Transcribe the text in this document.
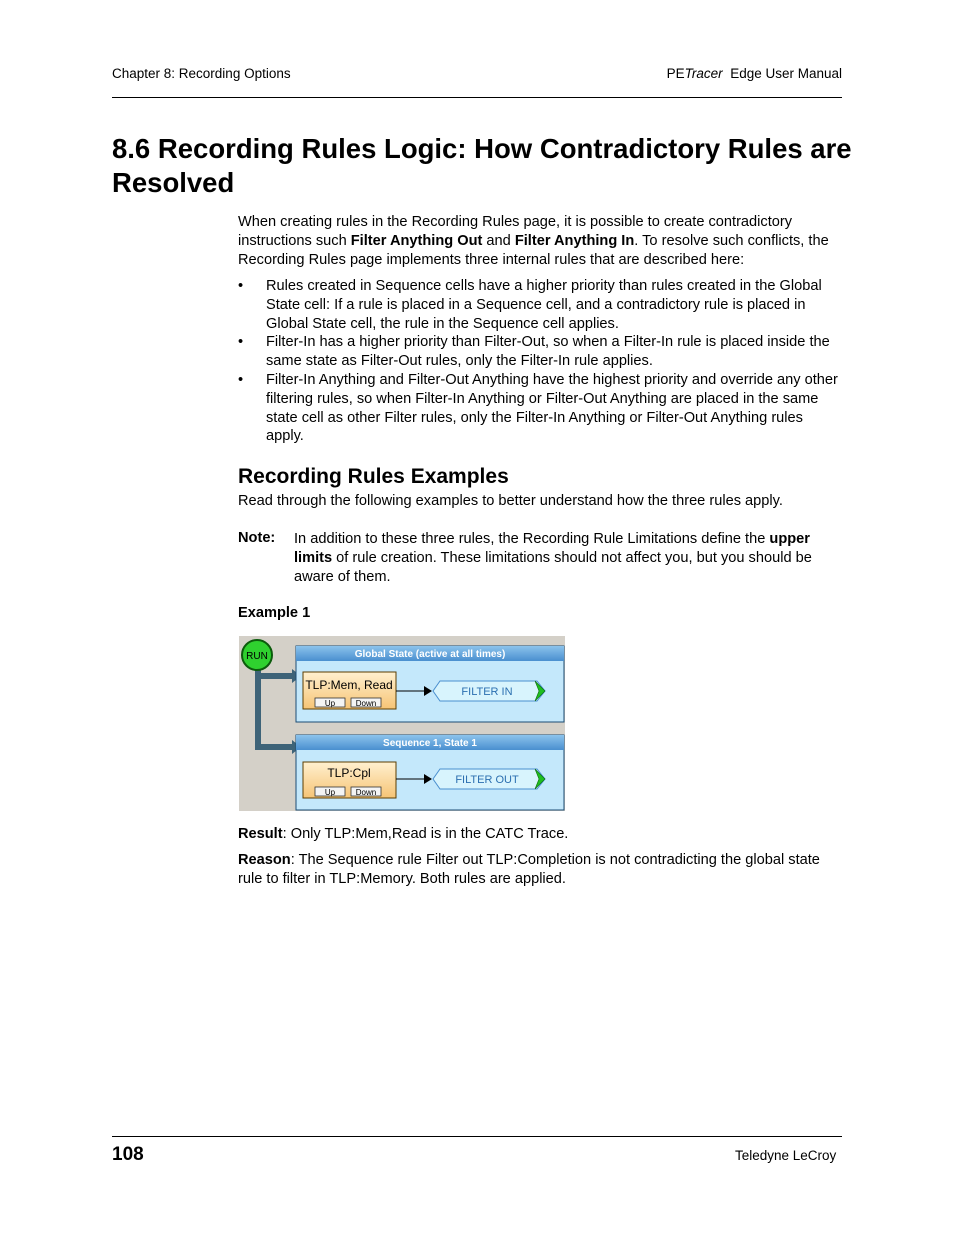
Chapter 8: Recording Options	PETracer Edge User Manual
8.6 Recording Rules Logic: How Contradictory Rules are Resolved

When creating rules in the Recording Rules page, it is possible to create contradictory instructions such Filter Anything Out and Filter Anything In. To resolve such conflicts, the Recording Rules page implements three internal rules that are described here:

• Rules created in Sequence cells have a higher priority than rules created in the Global State cell: If a rule is placed in a Sequence cell, and a contradictory rule is placed in Global State cell, the rule in the Sequence cell applies.
• Filter-In has a higher priority than Filter-Out, so when a Filter-In rule is placed inside the same state as Filter-Out rules, only the Filter-In rule applies.
• Filter-In Anything and Filter-Out Anything have the highest priority and override any other filtering rules, so when Filter-In Anything or Filter-Out Anything are placed in the same state cell as other Filter rules, only the Filter-In Anything or Filter-Out Anything rules apply.
Recording Rules Examples
Read through the following examples to better understand how the three rules apply.
Note: In addition to these three rules, the Recording Rule Limitations define the upper limits of rule creation. These limitations should not affect you, but you should be aware of them.
Example 1
RUN	Global State (active at all times)
TLP:Mem, Read
Up	Down
FILTER IN
Sequence 1, State 1
TLP:Cpl
Up	Down
FILTER OUT

Result: Only TLP:Mem,Read is in the CATC Trace.

Reason: The Sequence rule Filter out TLP:Completion is not contradicting the global state rule to filter in TLP:Memory. Both rules are applied.

108	Teledyne LeCroy
